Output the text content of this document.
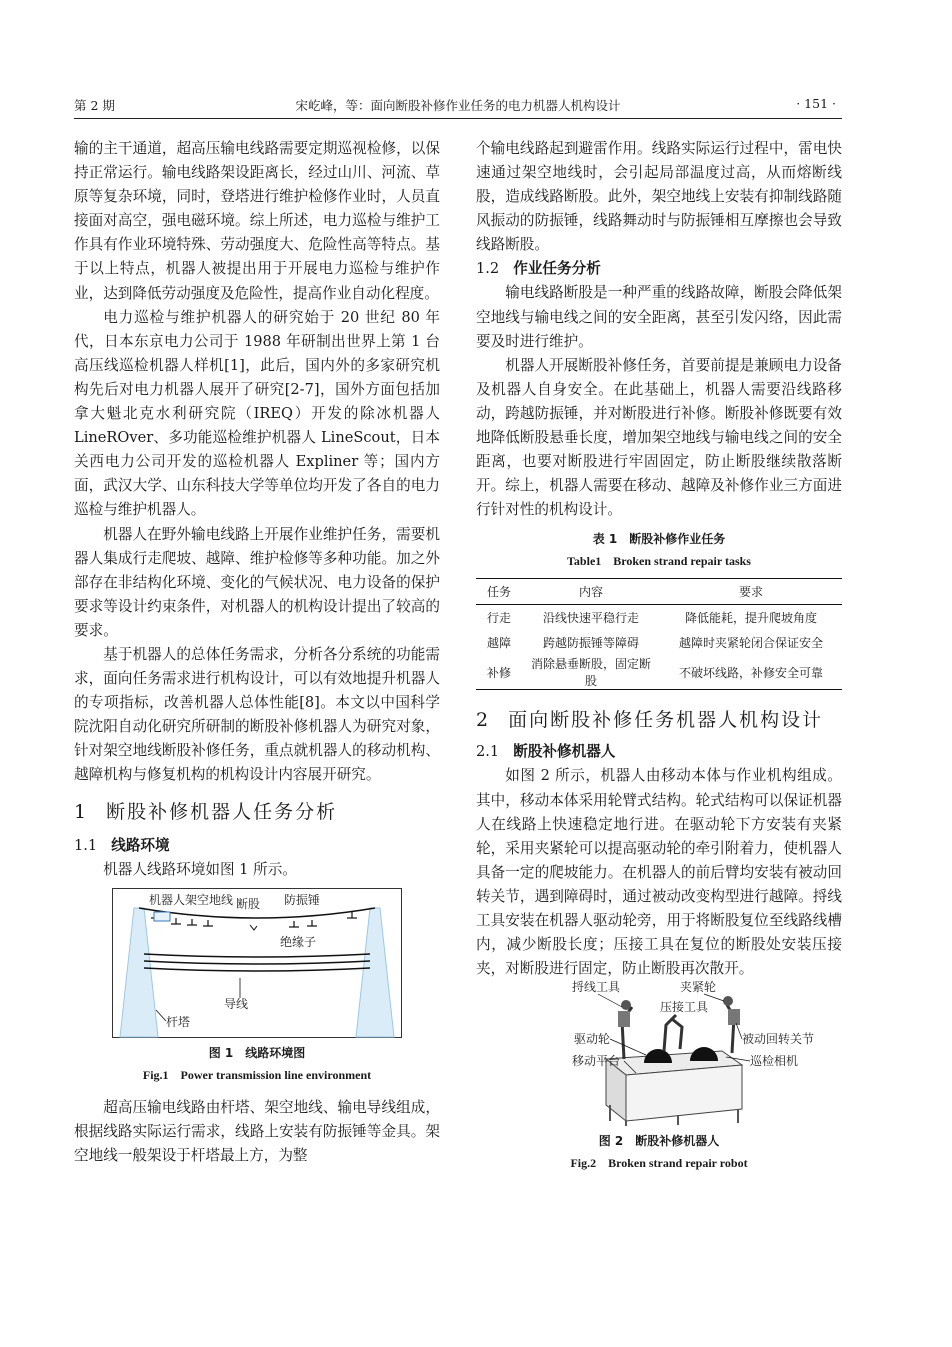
第 2 期	宋屹峰，等：面向断股补修作业任务的电力机器人机构设计	· 151 ·

输的主干通道，超高压输电线路需要定期巡视检修，以保持正常运行。输电线路架设距离长，经过山川、河流、草原等复杂环境，同时，登塔进行维护检修作业时，人员直接面对高空，强电磁环境。综上所述，电力巡检与维护工作具有作业环境特殊、劳动强度大、危险性高等特点。基于以上特点，机器人被提出用于开展电力巡检与维护作业，达到降低劳动强度及危险性，提高作业自动化程度。

电力巡检与维护机器人的研究始于 20 世纪 80 年代，日本东京电力公司于 1988 年研制出世界上第 1 台高压线巡检机器人样机[1]，此后，国内外的多家研究机构先后对电力机器人展开了研究[2-7]，国外方面包括加拿大魁北克水利研究院（IREQ）开发的除冰机器人 LineROver、多功能巡检维护机器人 LineScout，日本关西电力公司开发的巡检机器人 Expliner 等；国内方面，武汉大学、山东科技大学等单位均开发了各自的电力巡检与维护机器人。

机器人在野外输电线路上开展作业维护任务，需要机器人集成行走爬坡、越障、维护检修等多种功能。加之外部存在非结构化环境、变化的气候状况、电力设备的保护要求等设计约束条件，对机器人的机构设计提出了较高的要求。

基于机器人的总体任务需求，分析各分系统的功能需求，面向任务需求进行机构设计，可以有效地提升机器人的专项指标，改善机器人总体性能[8]。本文以中国科学院沈阳自动化研究所研制的断股补修机器人为研究对象，针对架空地线断股补修任务，重点就机器人的移动机构、越障机构与修复机构的机构设计内容展开研究。

1 断股补修机器人任务分析
1.1 线路环境

机器人线路环境如图 1 所示。

机器人 架空地线 断股 防振锤
绝缘子
导线
杆塔
图 1　线路环境图
Fig.1　Power transmission line environment

超高压输电线路由杆塔、架空地线、输电导线组成，根据线路实际运行需求，线路上安装有防振锤等金具。架空地线一般架设于杆塔最上方，为整

个输电线路起到避雷作用。线路实际运行过程中，雷电快速通过架空地线时，会引起局部温度过高，从而熔断线股，造成线路断股。此外，架空地线上安装有抑制线路随风振动的防振锤，线路舞动时与防振锤相互摩擦也会导致线路断股。

1.2 作业任务分析

输电线路断股是一种严重的线路故障，断股会降低架空地线与输电线之间的安全距离，甚至引发闪络，因此需要及时进行维护。

机器人开展断股补修任务，首要前提是兼顾电力设备及机器人自身安全。在此基础上，机器人需要沿线路移动，跨越防振锤，并对断股进行补修。断股补修既要有效地降低断股悬垂长度，增加架空地线与输电线之间的安全距离，也要对断股进行牢固固定，防止断股继续散落断开。综上，机器人需要在移动、越障及补修作业三方面进行针对性的机构设计。

表 1　断股补修作业任务
Table1　Broken strand repair tasks
任务	内容	要求
行走	沿线快速平稳行走	降低能耗，提升爬坡角度
越障	跨越防振锤等障碍	越障时夹紧轮闭合保证安全
补修	消除悬垂断股，固定断股	不破坏线路，补修安全可靠
2 面向断股补修任务机器人机构设计
2.1 断股补修机器人

如图 2 所示，机器人由移动本体与作业机构组成。其中，移动本体采用轮臂式结构。轮式结构可以保证机器人在线路上快速稳定地行进。在驱动轮下方安装有夹紧轮，采用夹紧轮可以提高驱动轮的牵引附着力，使机器人具备一定的爬坡能力。在机器人的前后臂均安装有被动回转关节，遇到障碍时，通过被动改变构型进行越障。捋线工具安装在机器人驱动轮旁，用于将断股复位至线路线槽内，减少断股长度；压接工具在复位的断股处安装压接夹，对断股进行固定，防止断股再次散开。

捋线工具	夹紧轮
压接工具
驱动轮
移动平台
被动回转关节
巡检相机
图 2　断股补修机器人
Fig.2　Broken strand repair robot
